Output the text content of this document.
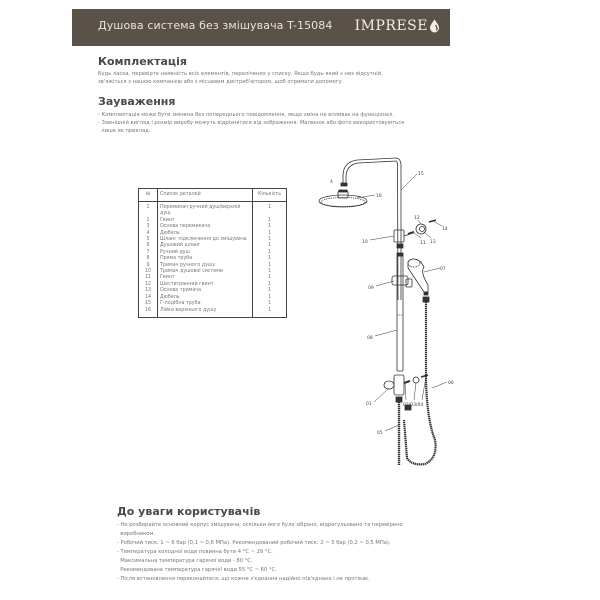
Душова система без змішувача T-15084 IMPRESE
Комплектація
Будь ласка, перевірте наявність всіх елементів, перелічених у списку. Якщо будь-який з них відсутній,
зв'яжіться з нашою компанією або з місцевим дистриб'ютором, щоб отримати допомогу.
Зауваження
- Комплектація може бути змінена без попереднього повідомлення, якщо зміна не впливає на функціонал.
- Зовнішній вигляд і розмір виробу можуть відрізнятися від зображення. Малюнок або фото використовуються
лише як приклад.
№	Список деталей	Кількість
1	Перемикач ручний душ/верхній душ	1
2	Гвинт	1
3	Основа перемикача	1
4	Дюбель	1
5	Шланг підключення до змішувача	1
6	Душовий шланг	1
7	Ручний душ	1
8	Пряма труба	1
9	Тримач ручного душу	1
10	Тримач душової системи	1
11	Гвинт	1
12	Шестигранний гвинт	1
13	Основа тримача	1
14	Дюбель	1
15	Г-подібна труба	1
16	Лійка верхнього душу	1
15
16
4
10	11
12
13
14
07
09
08
06
01	02/03/04
05
До уваги користувачів
- Не розбирайте основний корпус змішувача, оскільки його було зібрано, відрегульовано та перевірено
виробником.
- Робочий тиск: 1 ~ 6 бар (0,1 ~ 0,6 МПа). Рекомендований робочий тиск: 2 ~ 5 бар (0,2 ~ 0,5 МПа).
- Температура холодної води повинна бути 4 °C ~ 29 °C.
Максимальна температура гарячої води - 80 °C.
Рекомендована температура гарячої води 55 °C ~ 60 °C.
- Після встановлення переконайтеся, що кожне з'єднання надійно під'єднано і не протікає.
